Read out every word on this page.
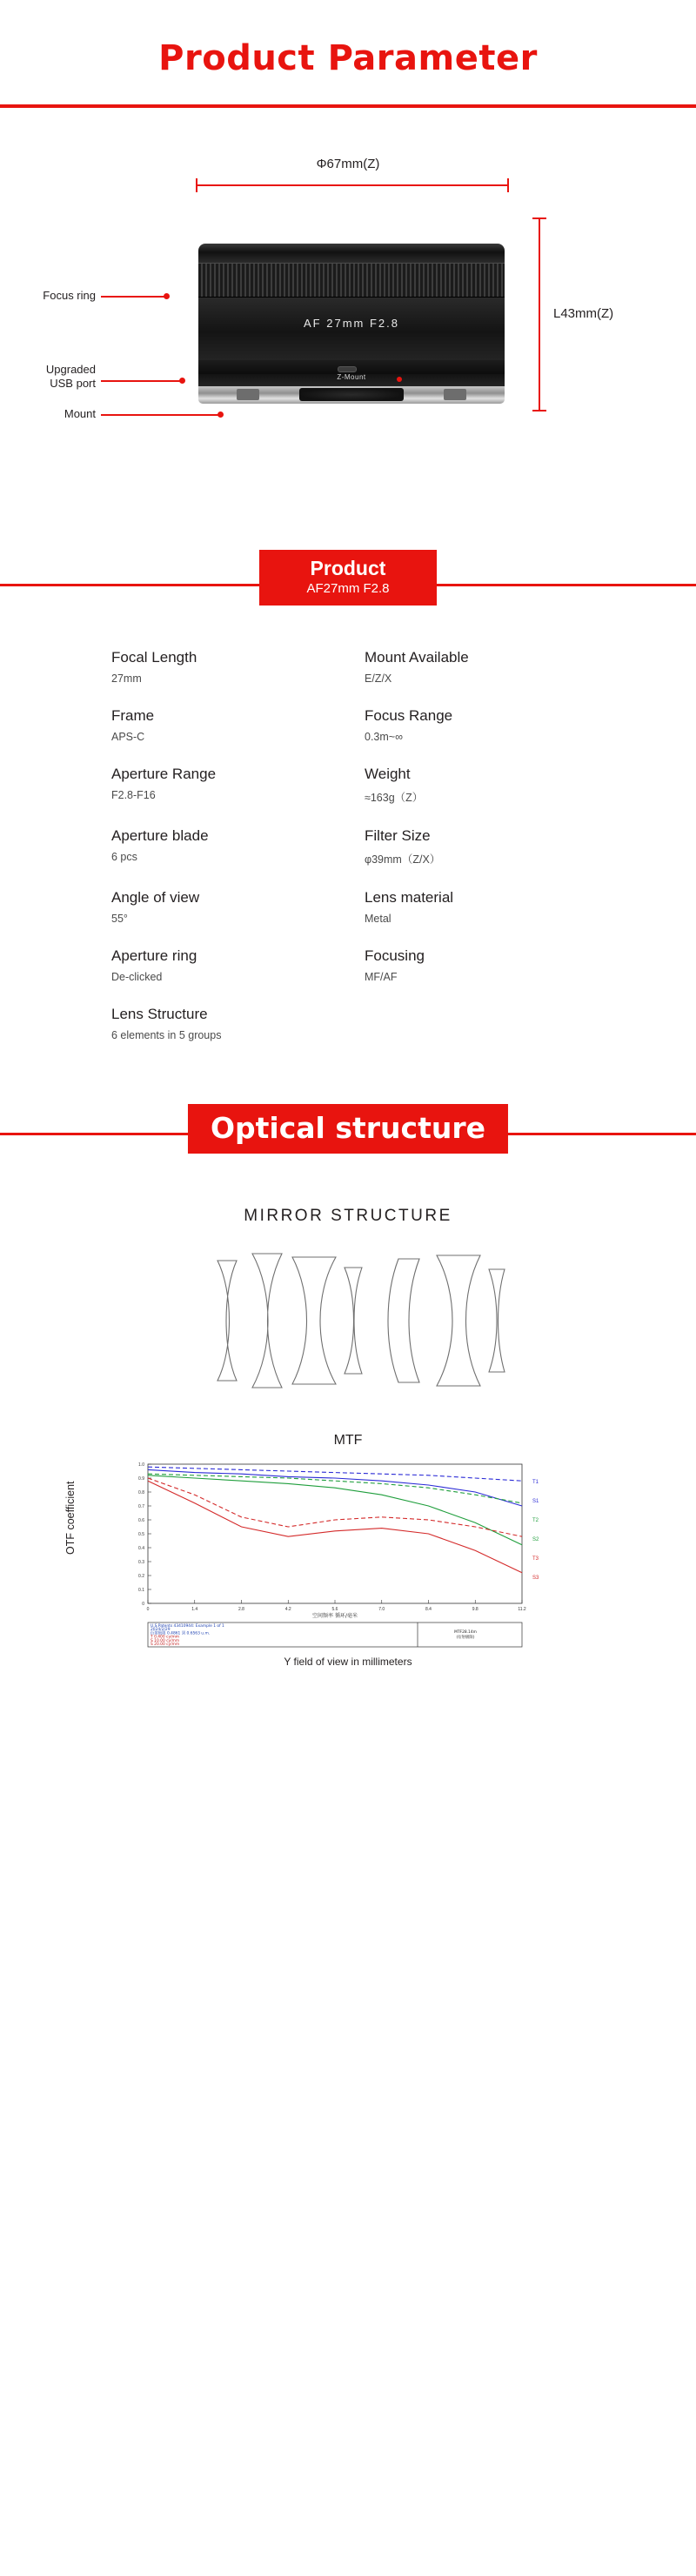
Product Parameter
Φ67mm(Z)
L43mm(Z)
AF 27mm F2.8
Z-Mount
Focus ring
Upgraded
USB port
Mount
Product
AF27mm F2.8
Focal Length
27mm
Mount Available
E/Z/X
Frame
APS-C
Focus Range
0.3m~∞
Aperture Range
F2.8-F16
Weight
≈163g（Z）
Aperture blade
6 pcs
Filter Size
φ39mm（Z/X）
Angle of view
55°
Lens material
Metal
Aperture ring
De-clicked
Focusing
MF/AF
Lens Structure
6 elements in 5 groups
Optical structure
MIRROR STRUCTURE
MTF
OTF coefficient
0
0.1
0.2
0.3
0.4
0.5
0.6
0.7
0.8
0.9
1.0
0	1.4	2.8	4.2	5.6	7.0	8.4	9.8	11.2
T1
S1
T2
S2
T3
S3
空间频率 循环/毫米
U.S.Patents 43410944: Example 1 of 1
2024/2/29
衍射极限 0.4861 到 0.6563 u.m.
T 0.400 cy/mm
S 10.00 cy/mm
S 20.00 cy/mm
MTF28.14m
(衍射极限)
Y field of view in millimeters
